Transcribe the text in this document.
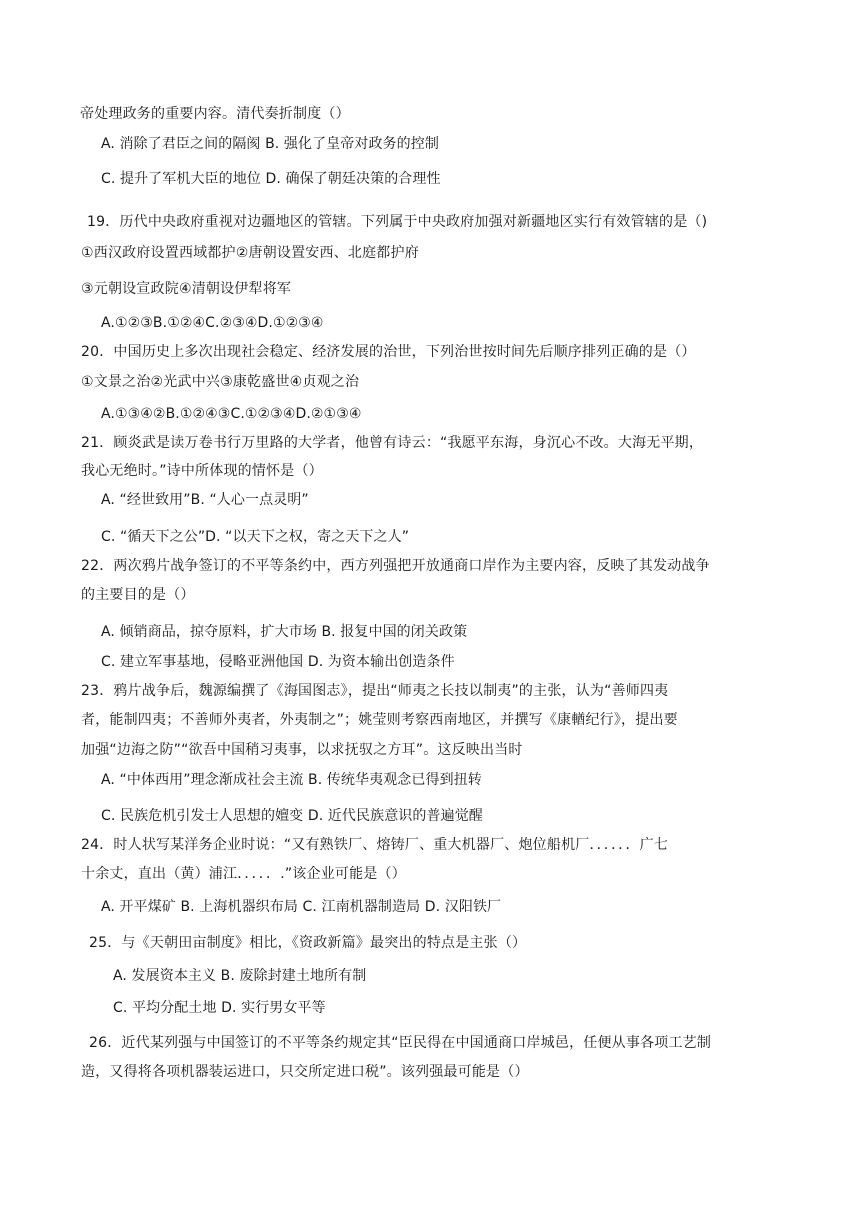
帝处理政务的重要内容。清代奏折制度（）

A. 消除了君臣之间的隔阂 B. 强化了皇帝对政务的控制

C. 提升了军机大臣的地位 D. 确保了朝廷决策的合理性

19．历代中央政府重视对边疆地区的管辖。下列属于中央政府加强对新疆地区实行有效管辖的是（)

①西汉政府设置西域都护②唐朝设置安西、北庭都护府

③元朝设宣政院④清朝设伊犁将军

A.①②③B.①②④C.②③④D.①②③④

20．中国历史上多次出现社会稳定、经济发展的治世，下列治世按时间先后顺序排列正确的是（）

①文景之治②光武中兴③康乾盛世④贞观之治

A.①③④②B.①②④③C.①②③④D.②①③④

21．顾炎武是读万卷书行万里路的大学者，他曾有诗云：“我愿平东海，身沉心不改。大海无平期，

我心无绝时。”诗中所体现的情怀是（）

A. “经世致用”B. “人心一点灵明”

C. “循天下之公”D. “以天下之权，寄之天下之人”

22．两次鸦片战争签订的不平等条约中，西方列强把开放通商口岸作为主要内容，反映了其发动战争

的主要目的是（）

A. 倾销商品，掠夺原料，扩大市场 B. 报复中国的闭关政策

C. 建立军事基地，侵略亚洲他国 D. 为资本输出创造条件

23．鸦片战争后，魏源编撰了《海国图志》，提出“师夷之长技以制夷”的主张，认为“善师四夷

者，能制四夷；不善师外夷者，外夷制之”；姚莹则考察西南地区，并撰写《康輶纪行》，提出要

加强“边海之防”“欲吾中国稍习夷事，以求抚驭之方耳”。这反映出当时

A. “中体西用”理念渐成社会主流 B. 传统华夷观念已得到扭转

C. 民族危机引发士人思想的嬗变 D. 近代民族意识的普遍觉醒

24．时人状写某洋务企业时说：“又有熟铁厂、熔铸厂、重大机器厂、炮位船机厂．．．．．．广七

十余丈，直出（黄）浦江．．．．．.”该企业可能是（）

A. 开平煤矿 B. 上海机器织布局 C. 江南机器制造局 D. 汉阳铁厂

25．与《天朝田亩制度》相比，《资政新篇》最突出的特点是主张（）

A. 发展资本主义 B. 废除封建土地所有制

C. 平均分配土地 D. 实行男女平等

26．近代某列强与中国签订的不平等条约规定其“臣民得在中国通商口岸城邑，任便从事各项工艺制

造，又得将各项机器装运进口，只交所定进口税”。该列强最可能是（）
